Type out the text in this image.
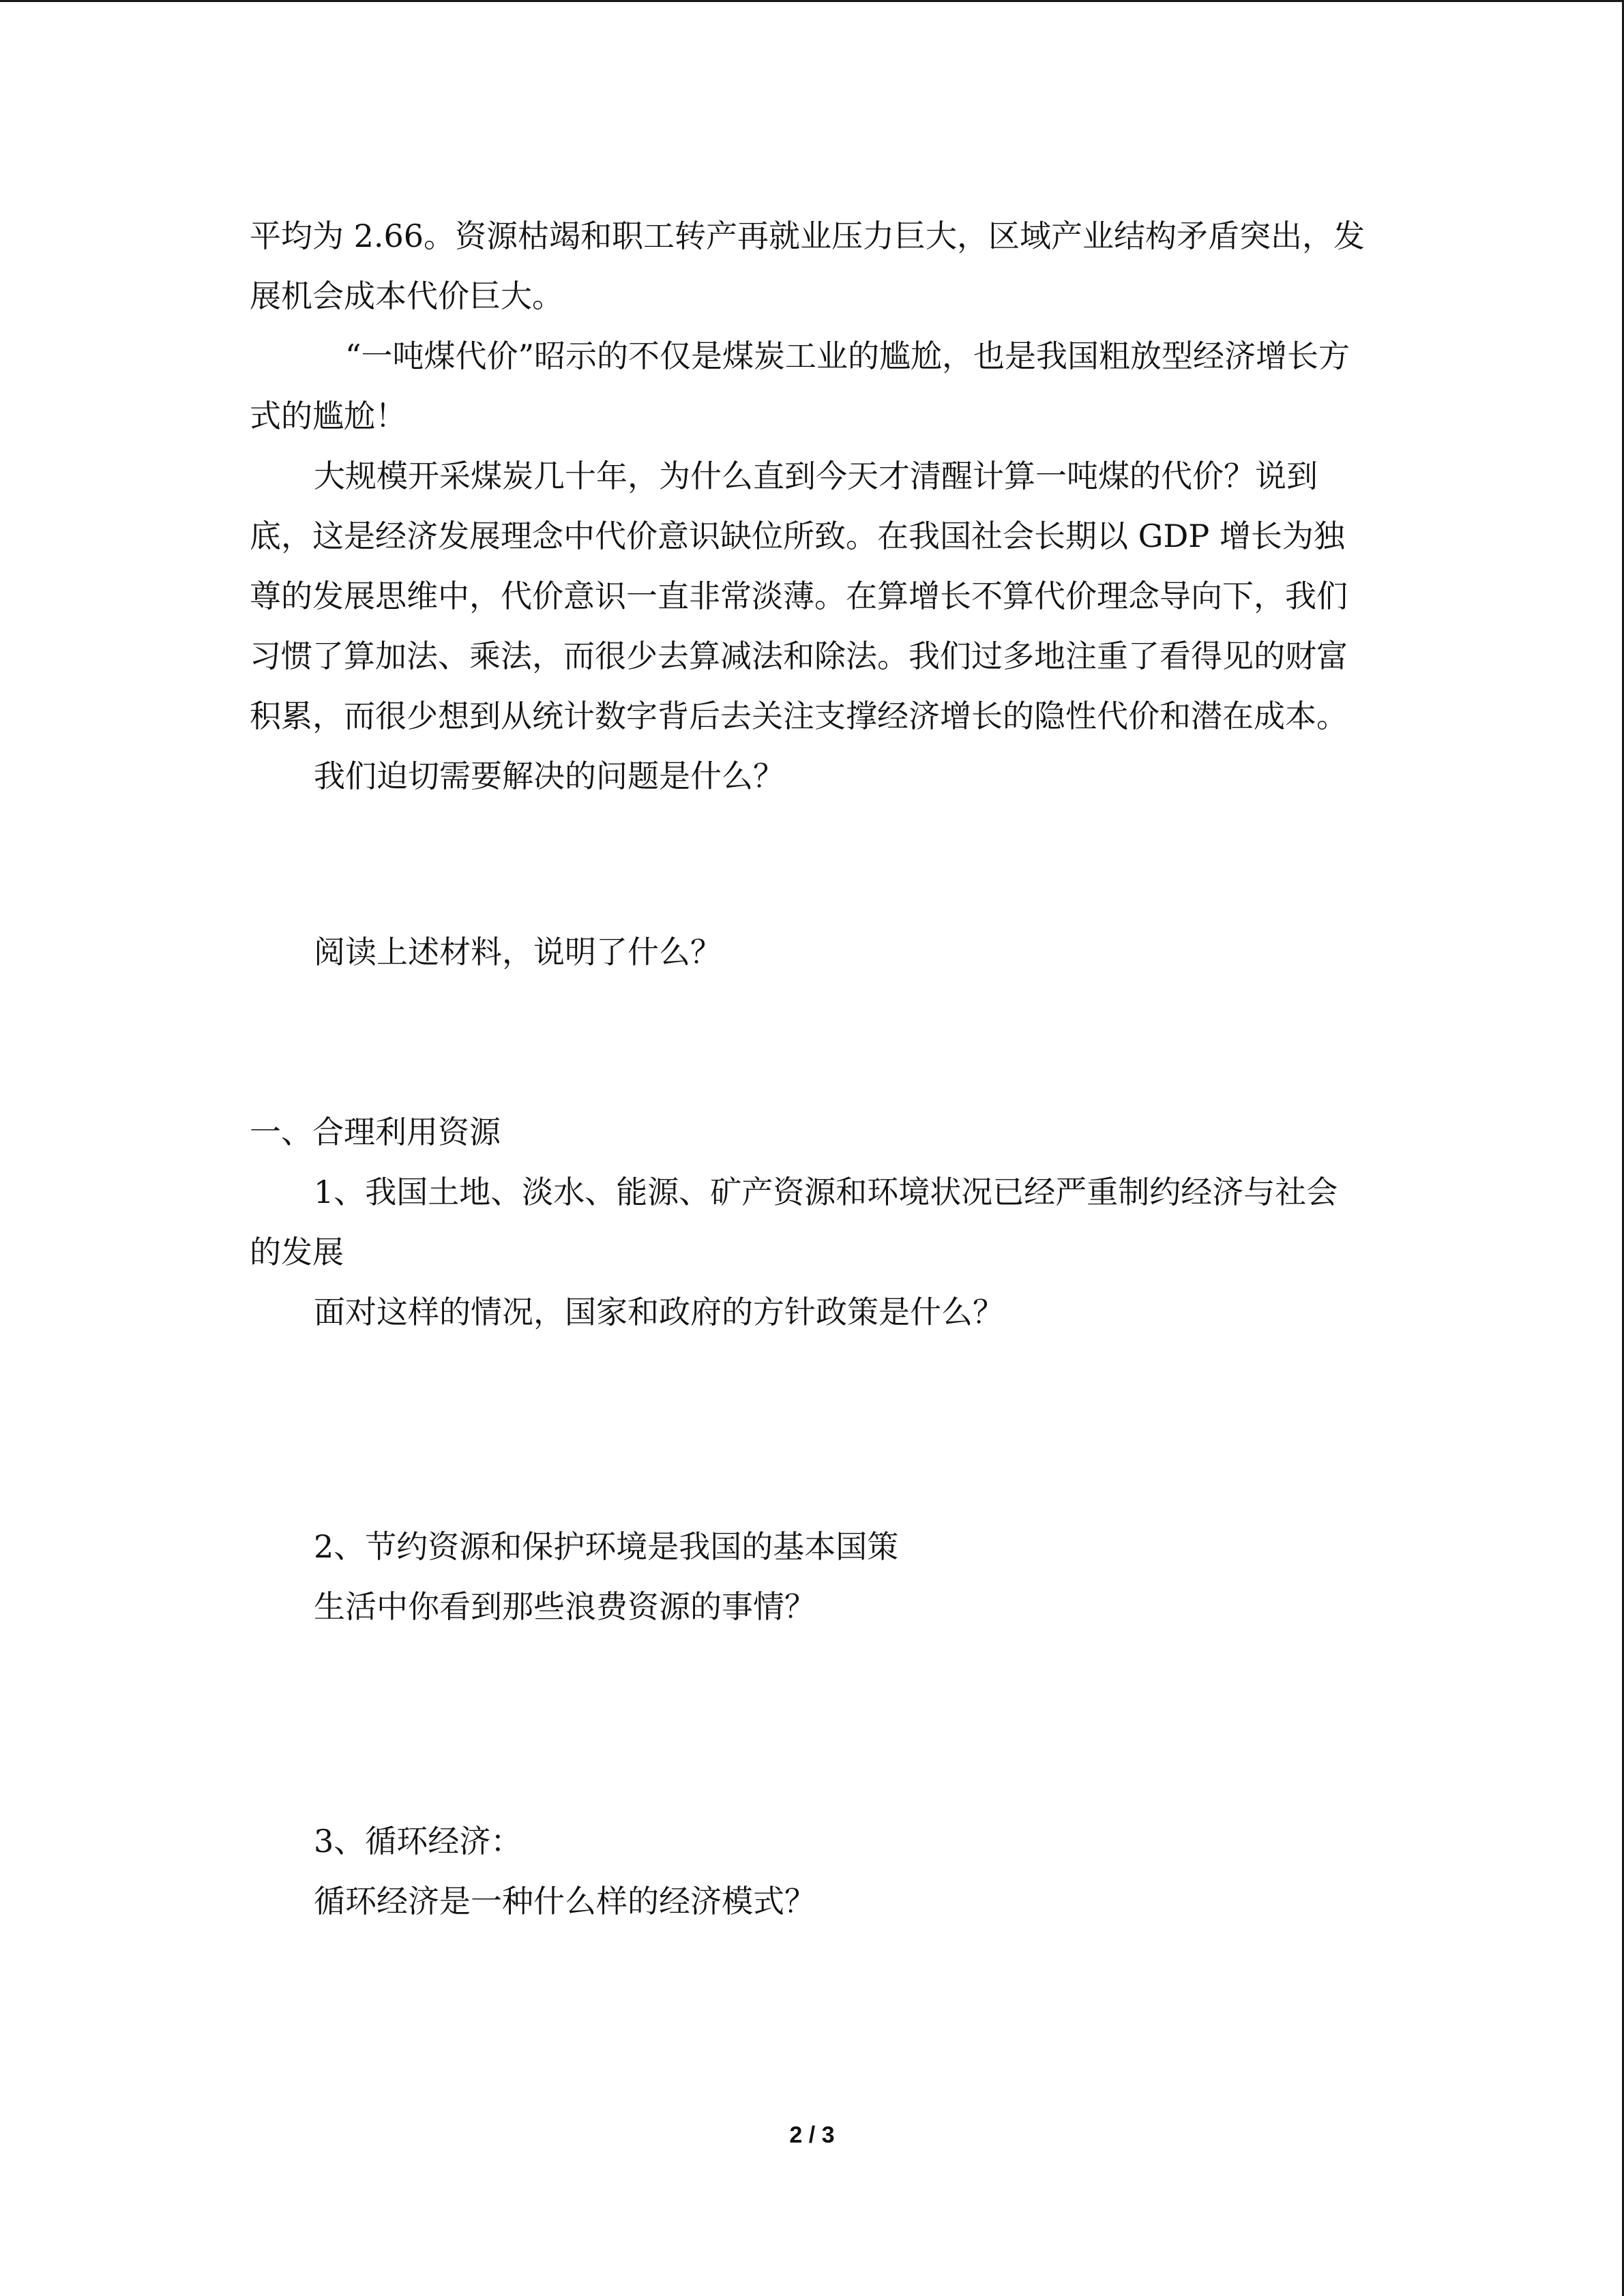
平均为 2.66。资源枯竭和职工转产再就业压力巨大，区域产业结构矛盾突出，发展机会成本代价巨大。

“一吨煤代价”昭示的不仅是煤炭工业的尴尬，也是我国粗放型经济增长方式的尴尬！

大规模开采煤炭几十年，为什么直到今天才清醒计算一吨煤的代价？说到底，这是经济发展理念中代价意识缺位所致。在我国社会长期以 GDP 增长为独尊的发展思维中，代价意识一直非常淡薄。在算增长不算代价理念导向下，我们习惯了算加法、乘法，而很少去算减法和除法。我们过多地注重了看得见的财富积累，而很少想到从统计数字背后去关注支撑经济增长的隐性代价和潜在成本。

我们迫切需要解决的问题是什么？

阅读上述材料，说明了什么？

一、合理利用资源

1、我国土地、淡水、能源、矿产资源和环境状况已经严重制约经济与社会的发展

面对这样的情况，国家和政府的方针政策是什么？

2、节约资源和保护环境是我国的基本国策

生活中你看到那些浪费资源的事情？

3、循环经济：

循环经济是一种什么样的经济模式？

2 / 3
